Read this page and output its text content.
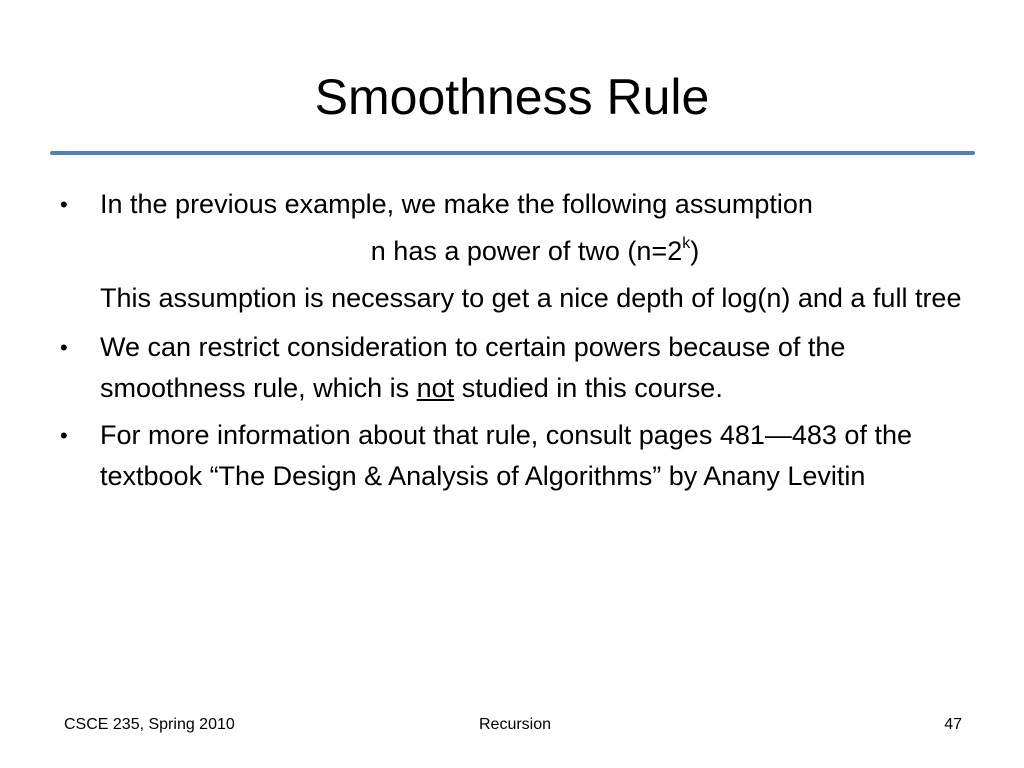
Smoothness Rule
•	In the previous example, we make the following assumption
n has a power of two $(n=2^k)$
This assumption is necessary to get a nice depth of log(n) and a full tree
•	We can restrict consideration to certain powers because of the smoothness rule, which is not studied in this course.
•	For more information about that rule, consult pages 481—483 of the textbook “The Design & Analysis of Algorithms” by Anany Levitin
CSCE 235, Spring 2010	Recursion	47
